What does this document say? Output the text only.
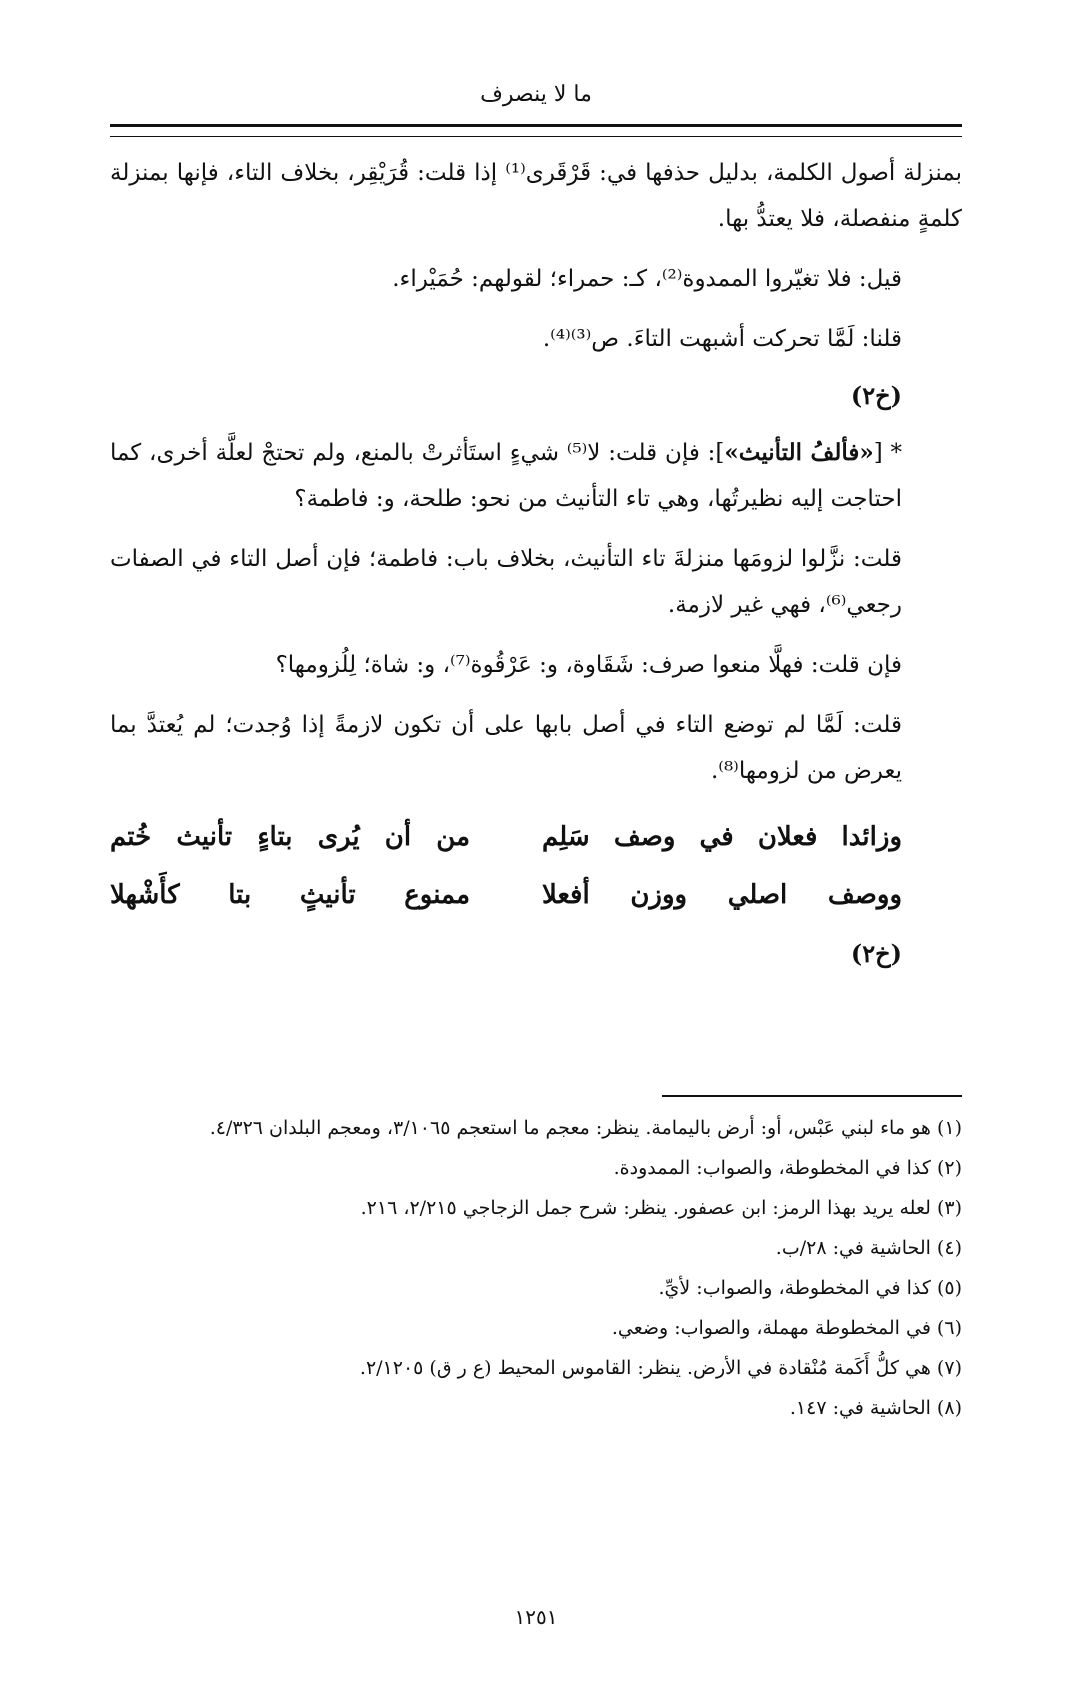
ما لا ينصرف

بمنزلة أصول الكلمة، بدليل حذفها في: قَرْقَرى⁽¹⁾ إذا قلت: قُرَيْقِر، بخلاف التاء، فإنها بمنزلة كلمةٍ منفصلة، فلا يعتدُّ بها.

قيل: فلا تغيّروا الممدوة⁽²⁾، كـ: حمراء؛ لقولهم: حُمَيْراء.

قلنا: لَمَّا تحركت أشبهت التاءَ. ص⁽³⁾⁽⁴⁾.

(خ٢)

* [«فألفُ التأنيث»]: فإن قلت: لا⁽⁵⁾ شيءٍ استَأثرتْ بالمنع، ولم تحتجْ لعلَّة أخرى، كما احتاجت إليه نظيرتُها، وهي تاء التأنيث من نحو: طلحة، و: فاطمة؟

قلت: نزَّلوا لزومَها منزلةَ تاء التأنيث، بخلاف باب: فاطمة؛ فإن أصل التاء في الصفات رجعي⁽⁶⁾، فهي غير لازمة.

فإن قلت: فهلَّا منعوا صرف: شَقَاوة، و: عَرْقُوة⁽⁷⁾، و: شاة؛ لِلُزومها؟

قلت: لَمَّا لم توضع التاء في أصل بابها على أن تكون لازمةً إذا وُجدت؛ لم يُعتدَّ بما يعرض من لزومها⁽⁸⁾.

وزائدا فعلان في وصف سَلِم
من أن يُرى بتاءٍ تأنيث خُتم
ووصف اصلي ووزن أفعلا
ممنوع تأنيثٍ بتا كأَشْهلا
(خ٢)

(١) هو ماء لبني عَبْس، أو: أرض باليمامة. ينظر: معجم ما استعجم ٣/١٠٦٥، ومعجم البلدان ٤/٣٢٦.

(٢) كذا في المخطوطة، والصواب: الممدودة.

(٣) لعله يريد بهذا الرمز: ابن عصفور. ينظر: شرح جمل الزجاجي ٢/٢١٥، ٢١٦.

(٤) الحاشية في: ٢٨/ب.

(٥) كذا في المخطوطة، والصواب: لأيِّ.

(٦) في المخطوطة مهملة، والصواب: وضعي.

(٧) هي كلُّ أَكَمة مُنْقادة في الأرض. ينظر: القاموس المحيط (ع ر ق) ٢/١٢٠٥.

(٨) الحاشية في: ١٤٧.

١٢٥١
